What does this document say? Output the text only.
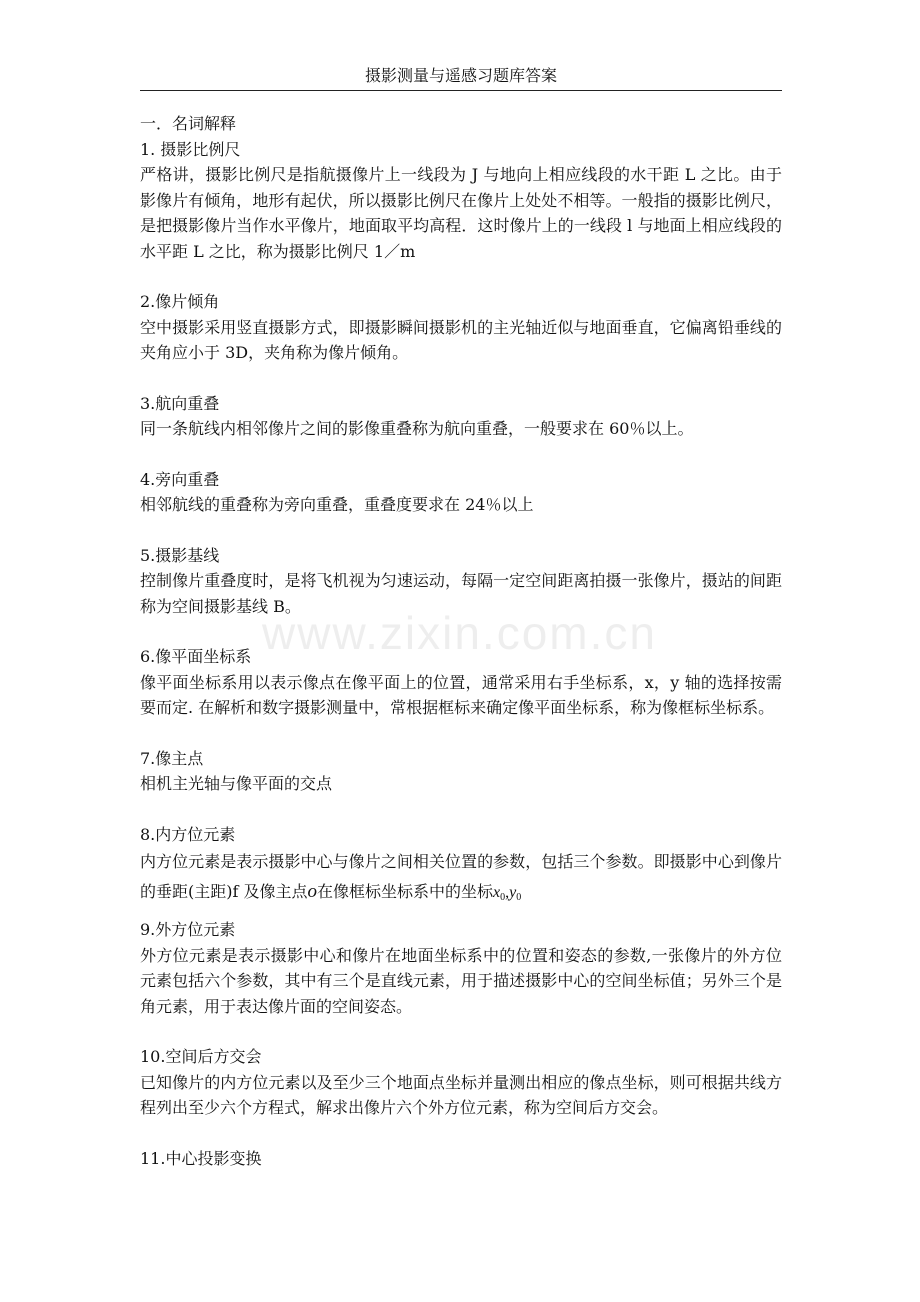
www.zixin.com.cn
摄影测量与遥感习题库答案

一．名词解释

1. 摄影比例尺

严格讲，摄影比例尺是指航摄像片上一线段为 J 与地向上相应线段的水干距 L 之比。由于影像片有倾角，地形有起伏，所以摄影比例尺在像片上处处不相等。一般指的摄影比例尺，是把摄影像片当作水平像片，地面取平均高程．这时像片上的一线段 l 与地面上相应线段的水平距 L 之比，称为摄影比例尺 1／m

2.像片倾角

空中摄影采用竖直摄影方式，即摄影瞬间摄影机的主光轴近似与地面垂直，它偏离铅垂线的夹角应小于 3D，夹角称为像片倾角。

3.航向重叠

同一条航线内相邻像片之间的影像重叠称为航向重叠，一般要求在 60％以上。

4.旁向重叠

相邻航线的重叠称为旁向重叠，重叠度要求在 24％以上

5.摄影基线

控制像片重叠度时，是将飞机视为匀速运动，每隔一定空间距离拍摄一张像片，摄站的间距称为空间摄影基线 B。

6.像平面坐标系

像平面坐标系用以表示像点在像平面上的位置，通常采用右手坐标系，x，y 轴的选择按需要而定. 在解析和数字摄影测量中，常根据框标来确定像平面坐标系，称为像框标坐标系。

7.像主点

相机主光轴与像平面的交点

8.内方位元素

内方位元素是表示摄影中心与像片之间相关位置的参数，包括三个参数。即摄影中心到像片的垂距(主距)f 及像主点o在像框标坐标系中的坐标$x_0,y_0$

9.外方位元素

外方位元素是表示摄影中心和像片在地面坐标系中的位置和姿态的参数,一张像片的外方位元素包括六个参数，其中有三个是直线元素，用于描述摄影中心的空间坐标值；另外三个是角元素，用于表达像片面的空间姿态。

10.空间后方交会

已知像片的内方位元素以及至少三个地面点坐标并量测出相应的像点坐标，则可根据共线方程列出至少六个方程式，解求出像片六个外方位元素，称为空间后方交会。

11.中心投影变换
